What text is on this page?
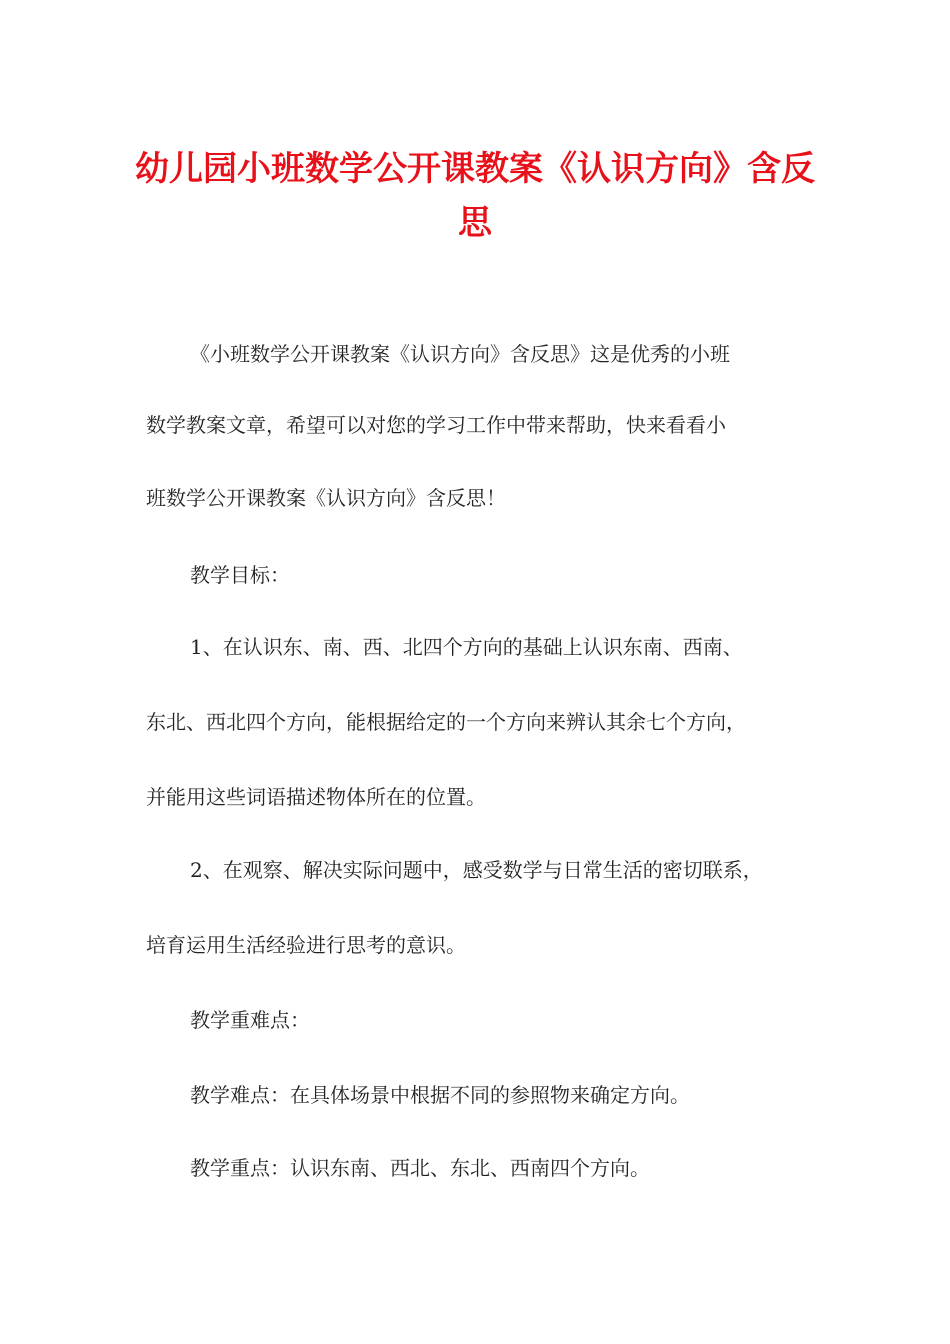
幼儿园小班数学公开课教案《认识方向》含反思

《小班数学公开课教案《认识方向》含反思》这是优秀的小班

数学教案文章，希望可以对您的学习工作中带来帮助，快来看看小

班数学公开课教案《认识方向》含反思！

教学目标：

1、在认识东、南、西、北四个方向的基础上认识东南、西南、

东北、西北四个方向，能根据给定的一个方向来辨认其余七个方向，

并能用这些词语描述物体所在的位置。

2、在观察、解决实际问题中，感受数学与日常生活的密切联系，

培育运用生活经验进行思考的意识。

教学重难点：

教学难点：在具体场景中根据不同的参照物来确定方向。

教学重点：认识东南、西北、东北、西南四个方向。
